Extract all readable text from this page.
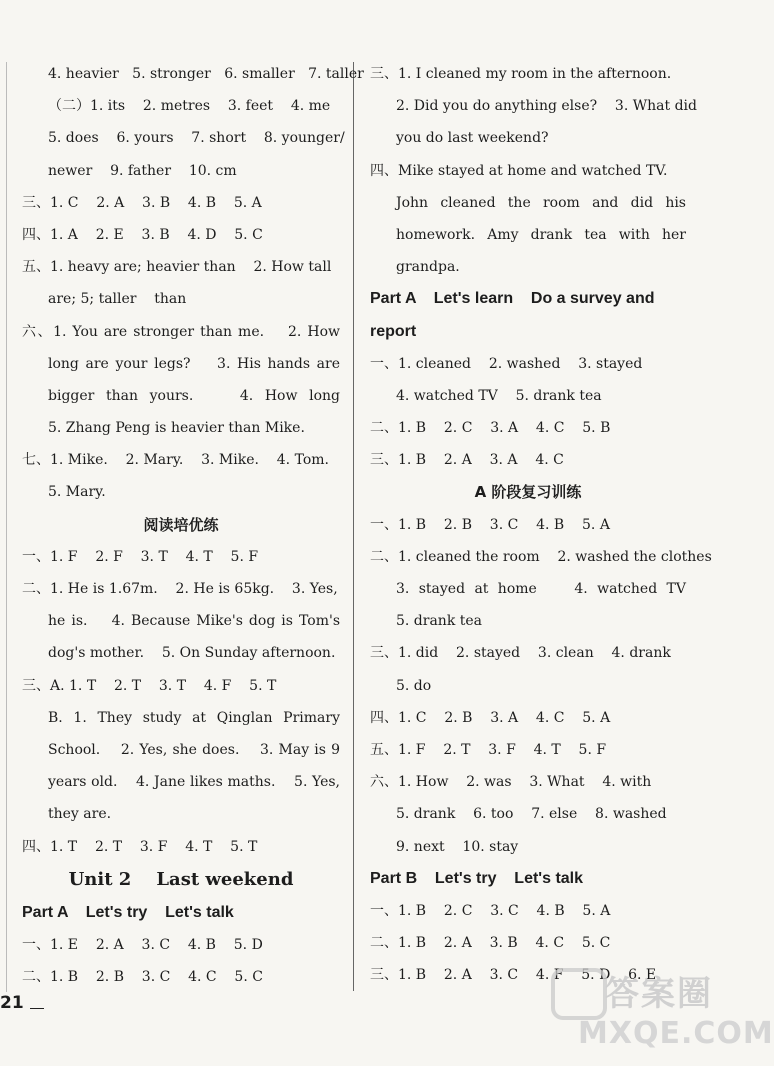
4. heavier   5. stronger   6. smaller   7. taller
（二）1. its    2. metres    3. feet    4. me
5. does    6. yours    7. short    8. younger/
newer    9. father    10. cm
三、1. C    2. A    3. B    4. B    5. A
四、1. A    2. E    3. B    4. D    5. C
五、1. heavy are; heavier than    2. How tall
are; 5; taller    than
六、1. You are stronger than me.    2. How
long are your legs?    3. His hands are
bigger than yours.    4. How long
5. Zhang Peng is heavier than Mike.
七、1. Mike.    2. Mary.    3. Mike.    4. Tom.
5. Mary.
阅读培优练
一、1. F    2. F    3. T    4. T    5. F
二、1. He is 1.67m.    2. He is 65kg.    3. Yes,
he is.    4. Because Mike's dog is Tom's
dog's mother.    5. On Sunday afternoon.
三、A. 1. T    2. T    3. T    4. F    5. T
B. 1. They study at Qinglan Primary
School.    2. Yes, she does.    3. May is 9
years old.    4. Jane likes maths.    5. Yes,
they are.
四、1. T    2. T    3. F    4. T    5. T
Unit 2    Last weekend
Part A    Let's try    Let's talk
一、1. E    2. A    3. C    4. B    5. D
二、1. B    2. B    3. C    4. C    5. C
三、1. I cleaned my room in the afternoon.
2. Did you do anything else?    3. What did
you do last weekend?
四、Mike stayed at home and watched TV.
John cleaned the room and did his
homework. Amy drank tea with her
grandpa.
Part A    Let's learn    Do a survey and
report
一、1. cleaned    2. washed    3. stayed
4. watched TV    5. drank tea
二、1. B    2. C    3. A    4. C    5. B
三、1. B    2. A    3. A    4. C
A 阶段复习训练
一、1. B    2. B    3. C    4. B    5. A
二、1. cleaned the room    2. washed the clothes
3. stayed at home    4. watched TV
5. drank tea
三、1. did    2. stayed    3. clean    4. drank
5. do
四、1. C    2. B    3. A    4. C    5. A
五、1. F    2. T    3. F    4. T    5. F
六、1. How    2. was    3. What    4. with
5. drank    6. too    7. else    8. washed
9. next    10. stay
Part B    Let's try    Let's talk
一、1. B    2. C    3. C    4. B    5. A
二、1. B    2. A    3. B    4. C    5. C
三、1. B    2. A    3. C    4. F    5. D    6. E
21	答案圈
MXQE.COM
